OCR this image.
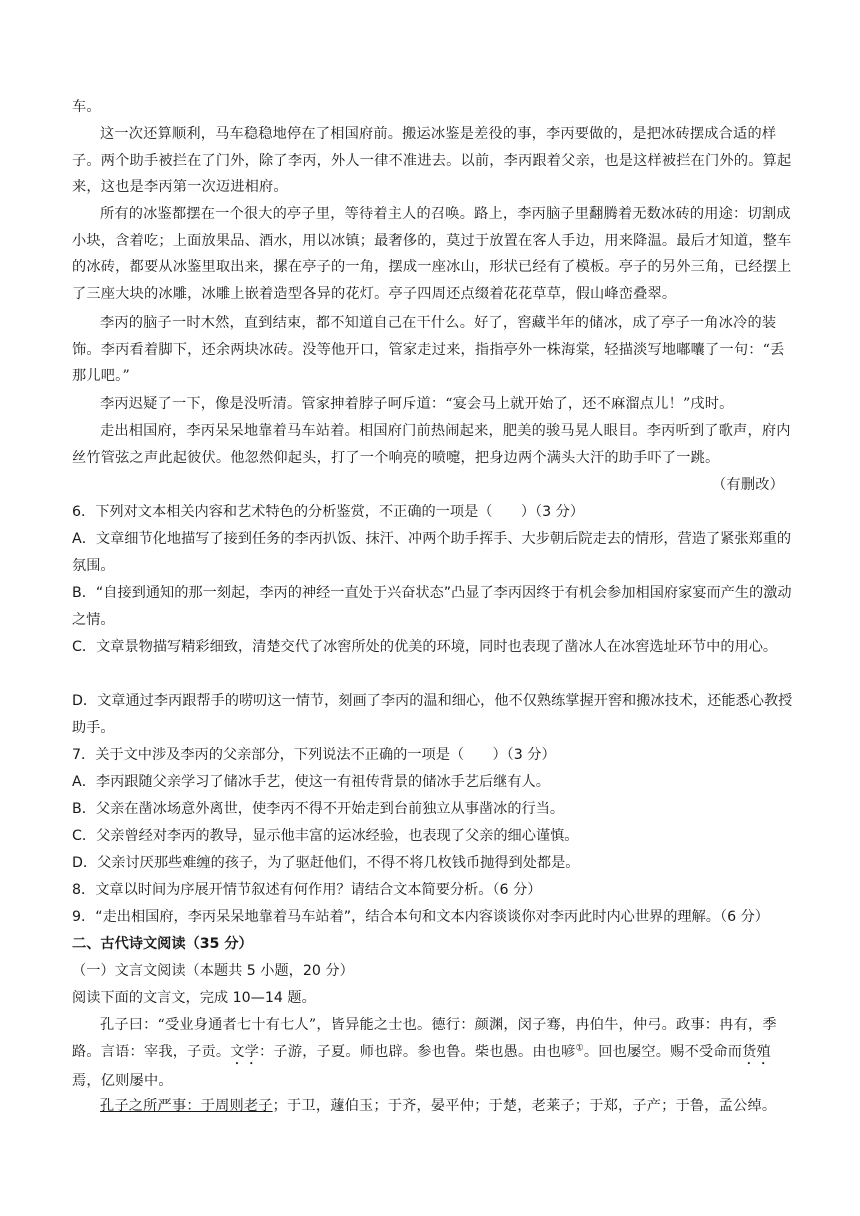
车。

这一次还算顺利，马车稳稳地停在了相国府前。搬运冰鉴是差役的事，李丙要做的，是把冰砖摆成合适的样子。两个助手被拦在了门外，除了李丙，外人一律不准进去。以前，李丙跟着父亲，也是这样被拦在门外的。算起来，这也是李丙第一次迈进相府。

所有的冰鉴都摆在一个很大的亭子里，等待着主人的召唤。路上，李丙脑子里翻腾着无数冰砖的用途：切割成小块，含着吃；上面放果品、酒水，用以冰镇；最奢侈的，莫过于放置在客人手边，用来降温。最后才知道，整车的冰砖，都要从冰鉴里取出来，摞在亭子的一角，摆成一座冰山，形状已经有了模板。亭子的另外三角，已经摆上了三座大块的冰雕，冰雕上嵌着造型各异的花灯。亭子四周还点缀着花花草草，假山峰峦叠翠。

李丙的脑子一时木然，直到结束，都不知道自己在干什么。好了，窖藏半年的储冰，成了亭子一角冰冷的装饰。李丙看着脚下，还余两块冰砖。没等他开口，管家走过来，指指亭外一株海棠，轻描淡写地嘟囔了一句：“丢那儿吧。”

李丙迟疑了一下，像是没听清。管家抻着脖子呵斥道：“宴会马上就开始了，还不麻溜点儿！”戌时。

走出相国府，李丙呆呆地靠着马车站着。相国府门前热闹起来，肥美的骏马晃人眼目。李丙听到了歌声，府内丝竹管弦之声此起彼伏。他忽然仰起头，打了一个响亮的喷嚏，把身边两个满头大汗的助手吓了一跳。

（有删改）

6．下列对文本相关内容和艺术特色的分析鉴赏，不正确的一项是（　　）（3 分）

A．文章细节化地描写了接到任务的李丙扒饭、抹汗、冲两个助手挥手、大步朝后院走去的情形，营造了紧张郑重的氛围。

B．“自接到通知的那一刻起，李丙的神经一直处于兴奋状态”凸显了李丙因终于有机会参加相国府家宴而产生的激动之情。

C．文章景物描写精彩细致，清楚交代了冰窖所处的优美的环境，同时也表现了凿冰人在冰窖选址环节中的用心。

D．文章通过李丙跟帮手的唠叨这一情节，刻画了李丙的温和细心，他不仅熟练掌握开窖和搬冰技术，还能悉心教授助手。

7．关于文中涉及李丙的父亲部分，下列说法不正确的一项是（　　）（3 分）

A．李丙跟随父亲学习了储冰手艺，使这一有祖传背景的储冰手艺后继有人。

B．父亲在凿冰场意外离世，使李丙不得不开始走到台前独立从事凿冰的行当。

C．父亲曾经对李丙的教导，显示他丰富的运冰经验，也表现了父亲的细心谨慎。

D．父亲讨厌那些难缠的孩子，为了驱赶他们，不得不将几枚钱币抛得到处都是。

8．文章以时间为序展开情节叙述有何作用？请结合文本简要分析。（6 分）

9．“走出相国府，李丙呆呆地靠着马车站着”，结合本句和文本内容谈谈你对李丙此时内心世界的理解。（6 分）

二、古代诗文阅读（35 分）

（一）文言文阅读（本题共 5 小题，20 分）

阅读下面的文言文，完成 10—14 题。

孔子曰：“受业身通者七十有七人”，皆异能之士也。德行：颜渊，闵子骞，冉伯牛，仲弓。政事：冉有，季路。言语：宰我，子贡。文学：子游，子夏。师也辟。参也鲁。柴也愚。由也喭①。回也屡空。赐不受命而货殖焉，亿则屡中。

孔子之所严事：于周则老子；于卫，蘧伯玉；于齐，晏平仲；于楚，老莱子；于郑，子产；于鲁，孟公绰。
